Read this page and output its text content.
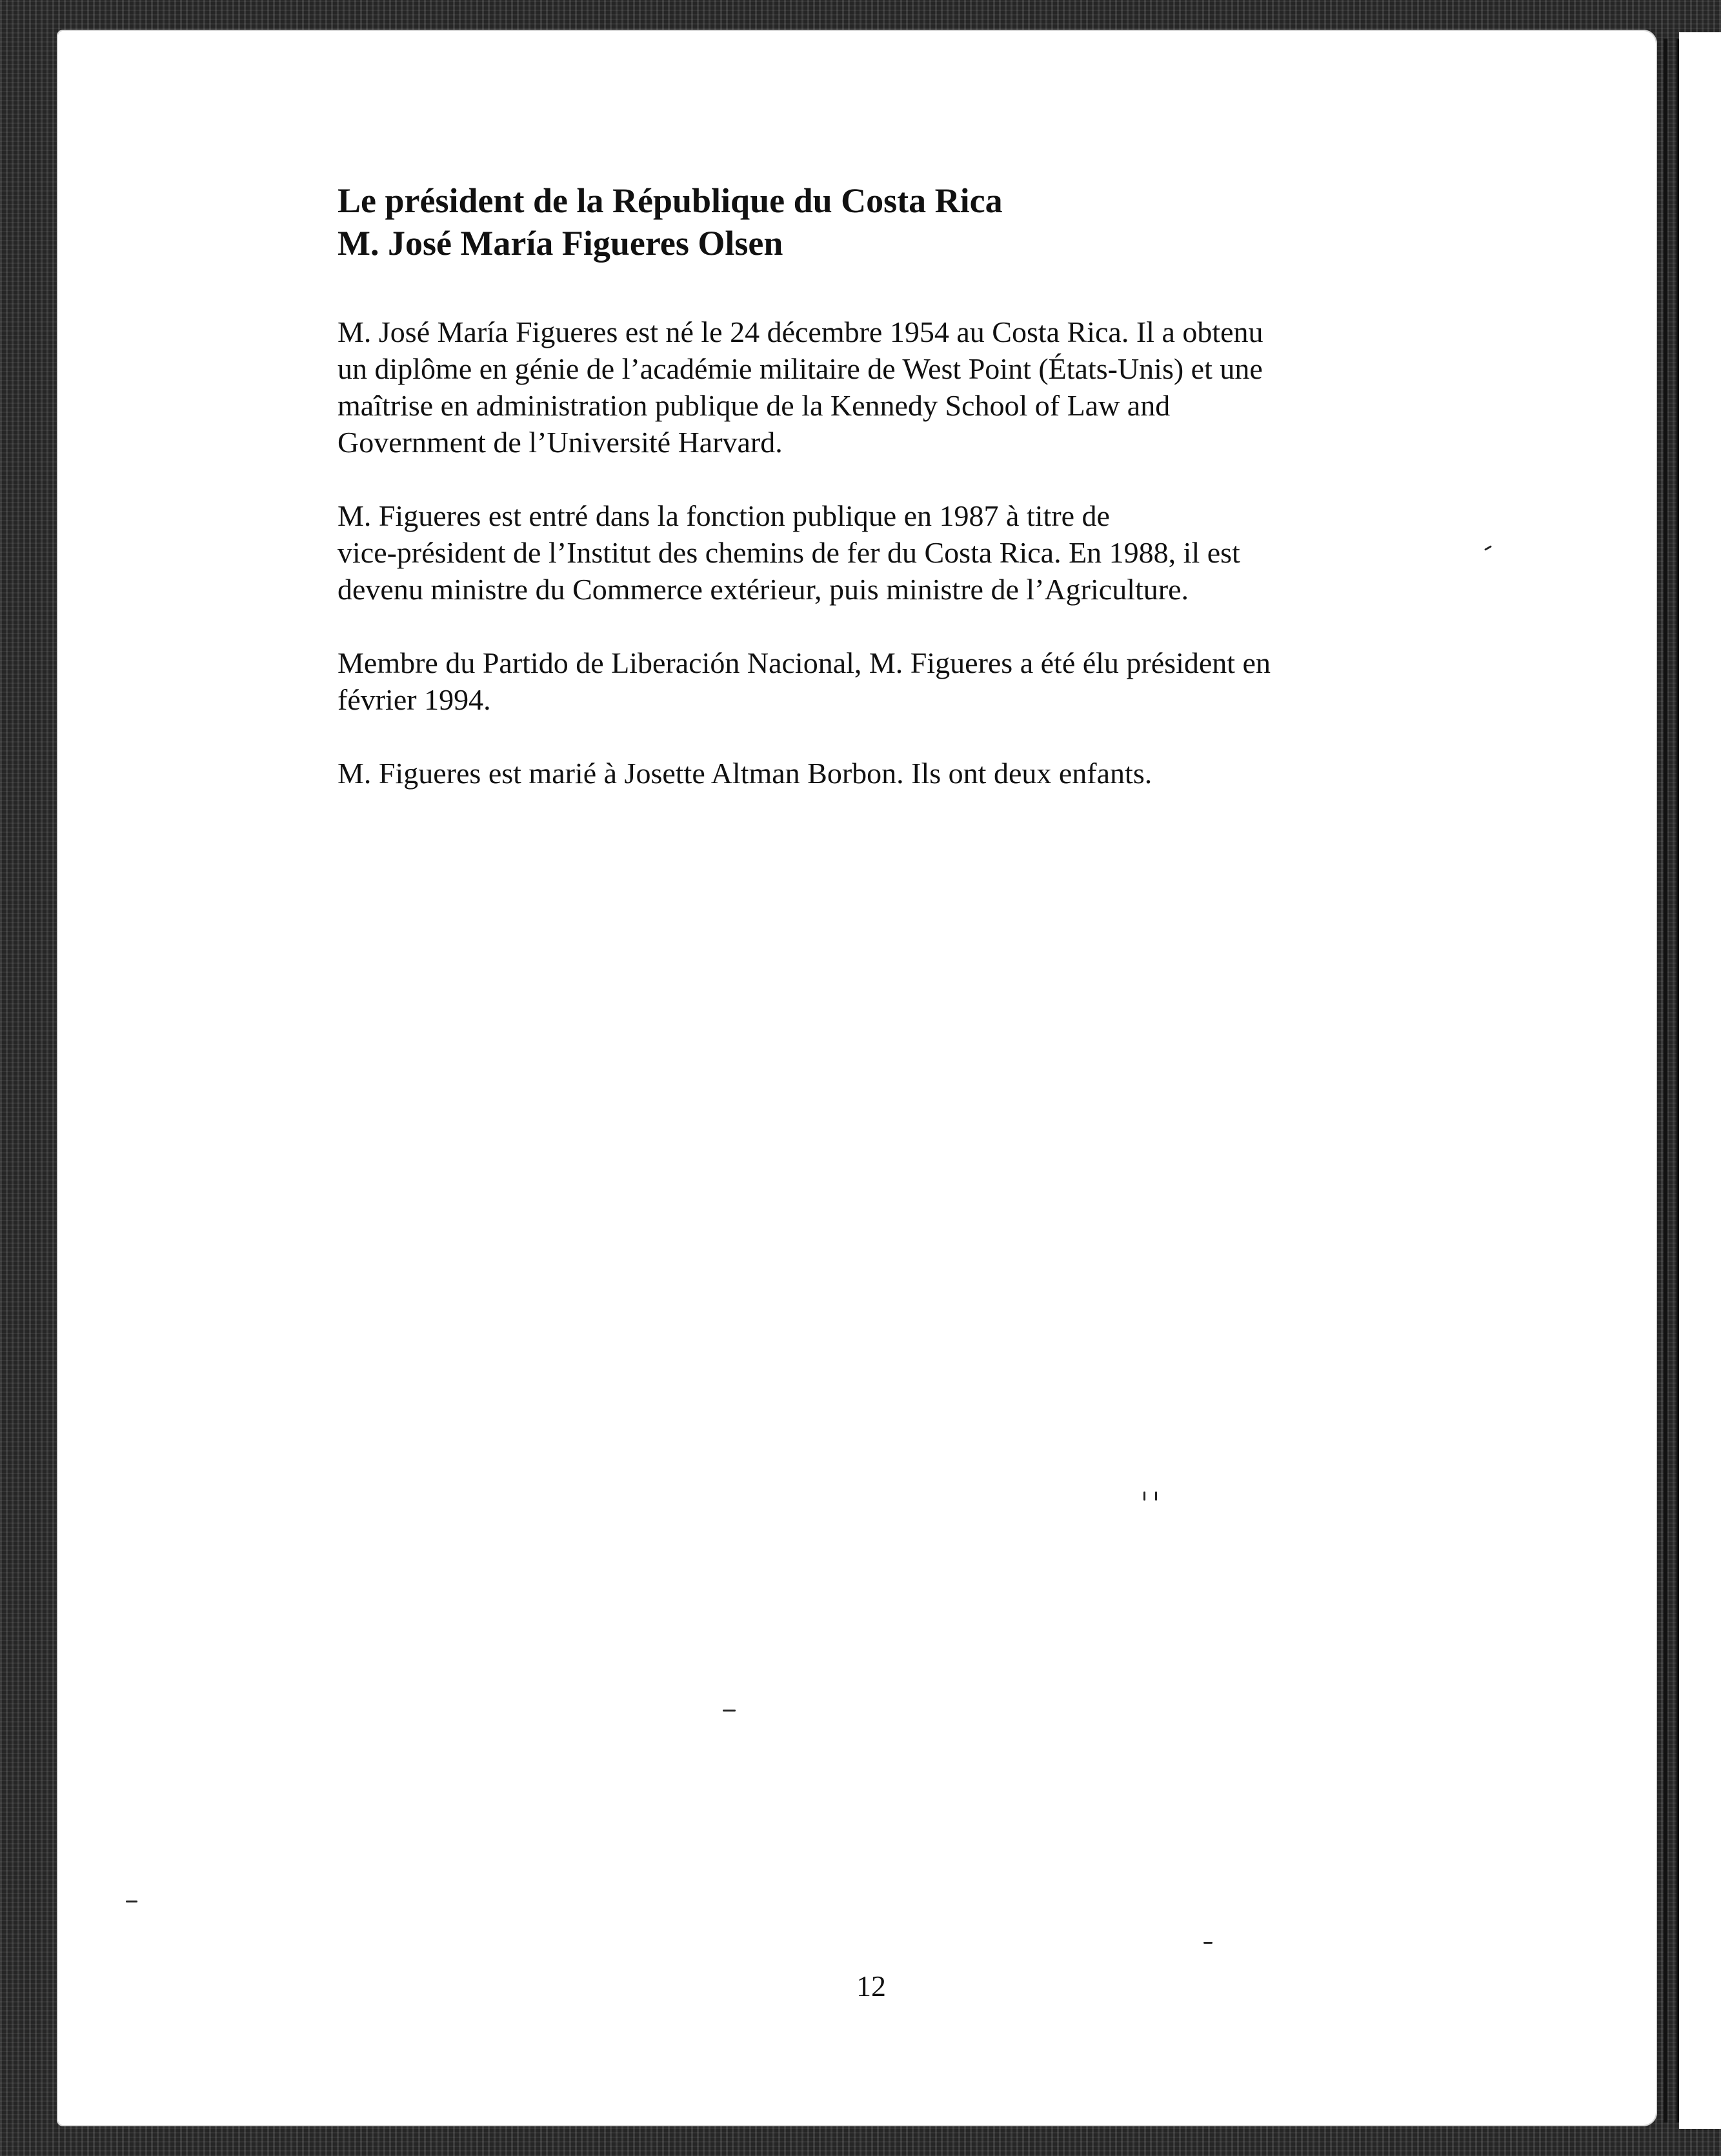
Le président de la République du Costa Rica
M. José María Figueres Olsen

M. José María Figueres est né le 24 décembre 1954 au Costa Rica. Il a obtenu
un diplôme en génie de l’académie militaire de West Point (États-Unis) et une
maîtrise en administration publique de la Kennedy School of Law and
Government de l’Université Harvard.

M. Figueres est entré dans la fonction publique en 1987 à titre de
vice-président de l’Institut des chemins de fer du Costa Rica. En 1988, il est
devenu ministre du Commerce extérieur, puis ministre de l’Agriculture.

Membre du Partido de Liberación Nacional, M. Figueres a été élu président en
février 1994.

M. Figueres est marié à Josette Altman Borbon. Ils ont deux enfants.

12
